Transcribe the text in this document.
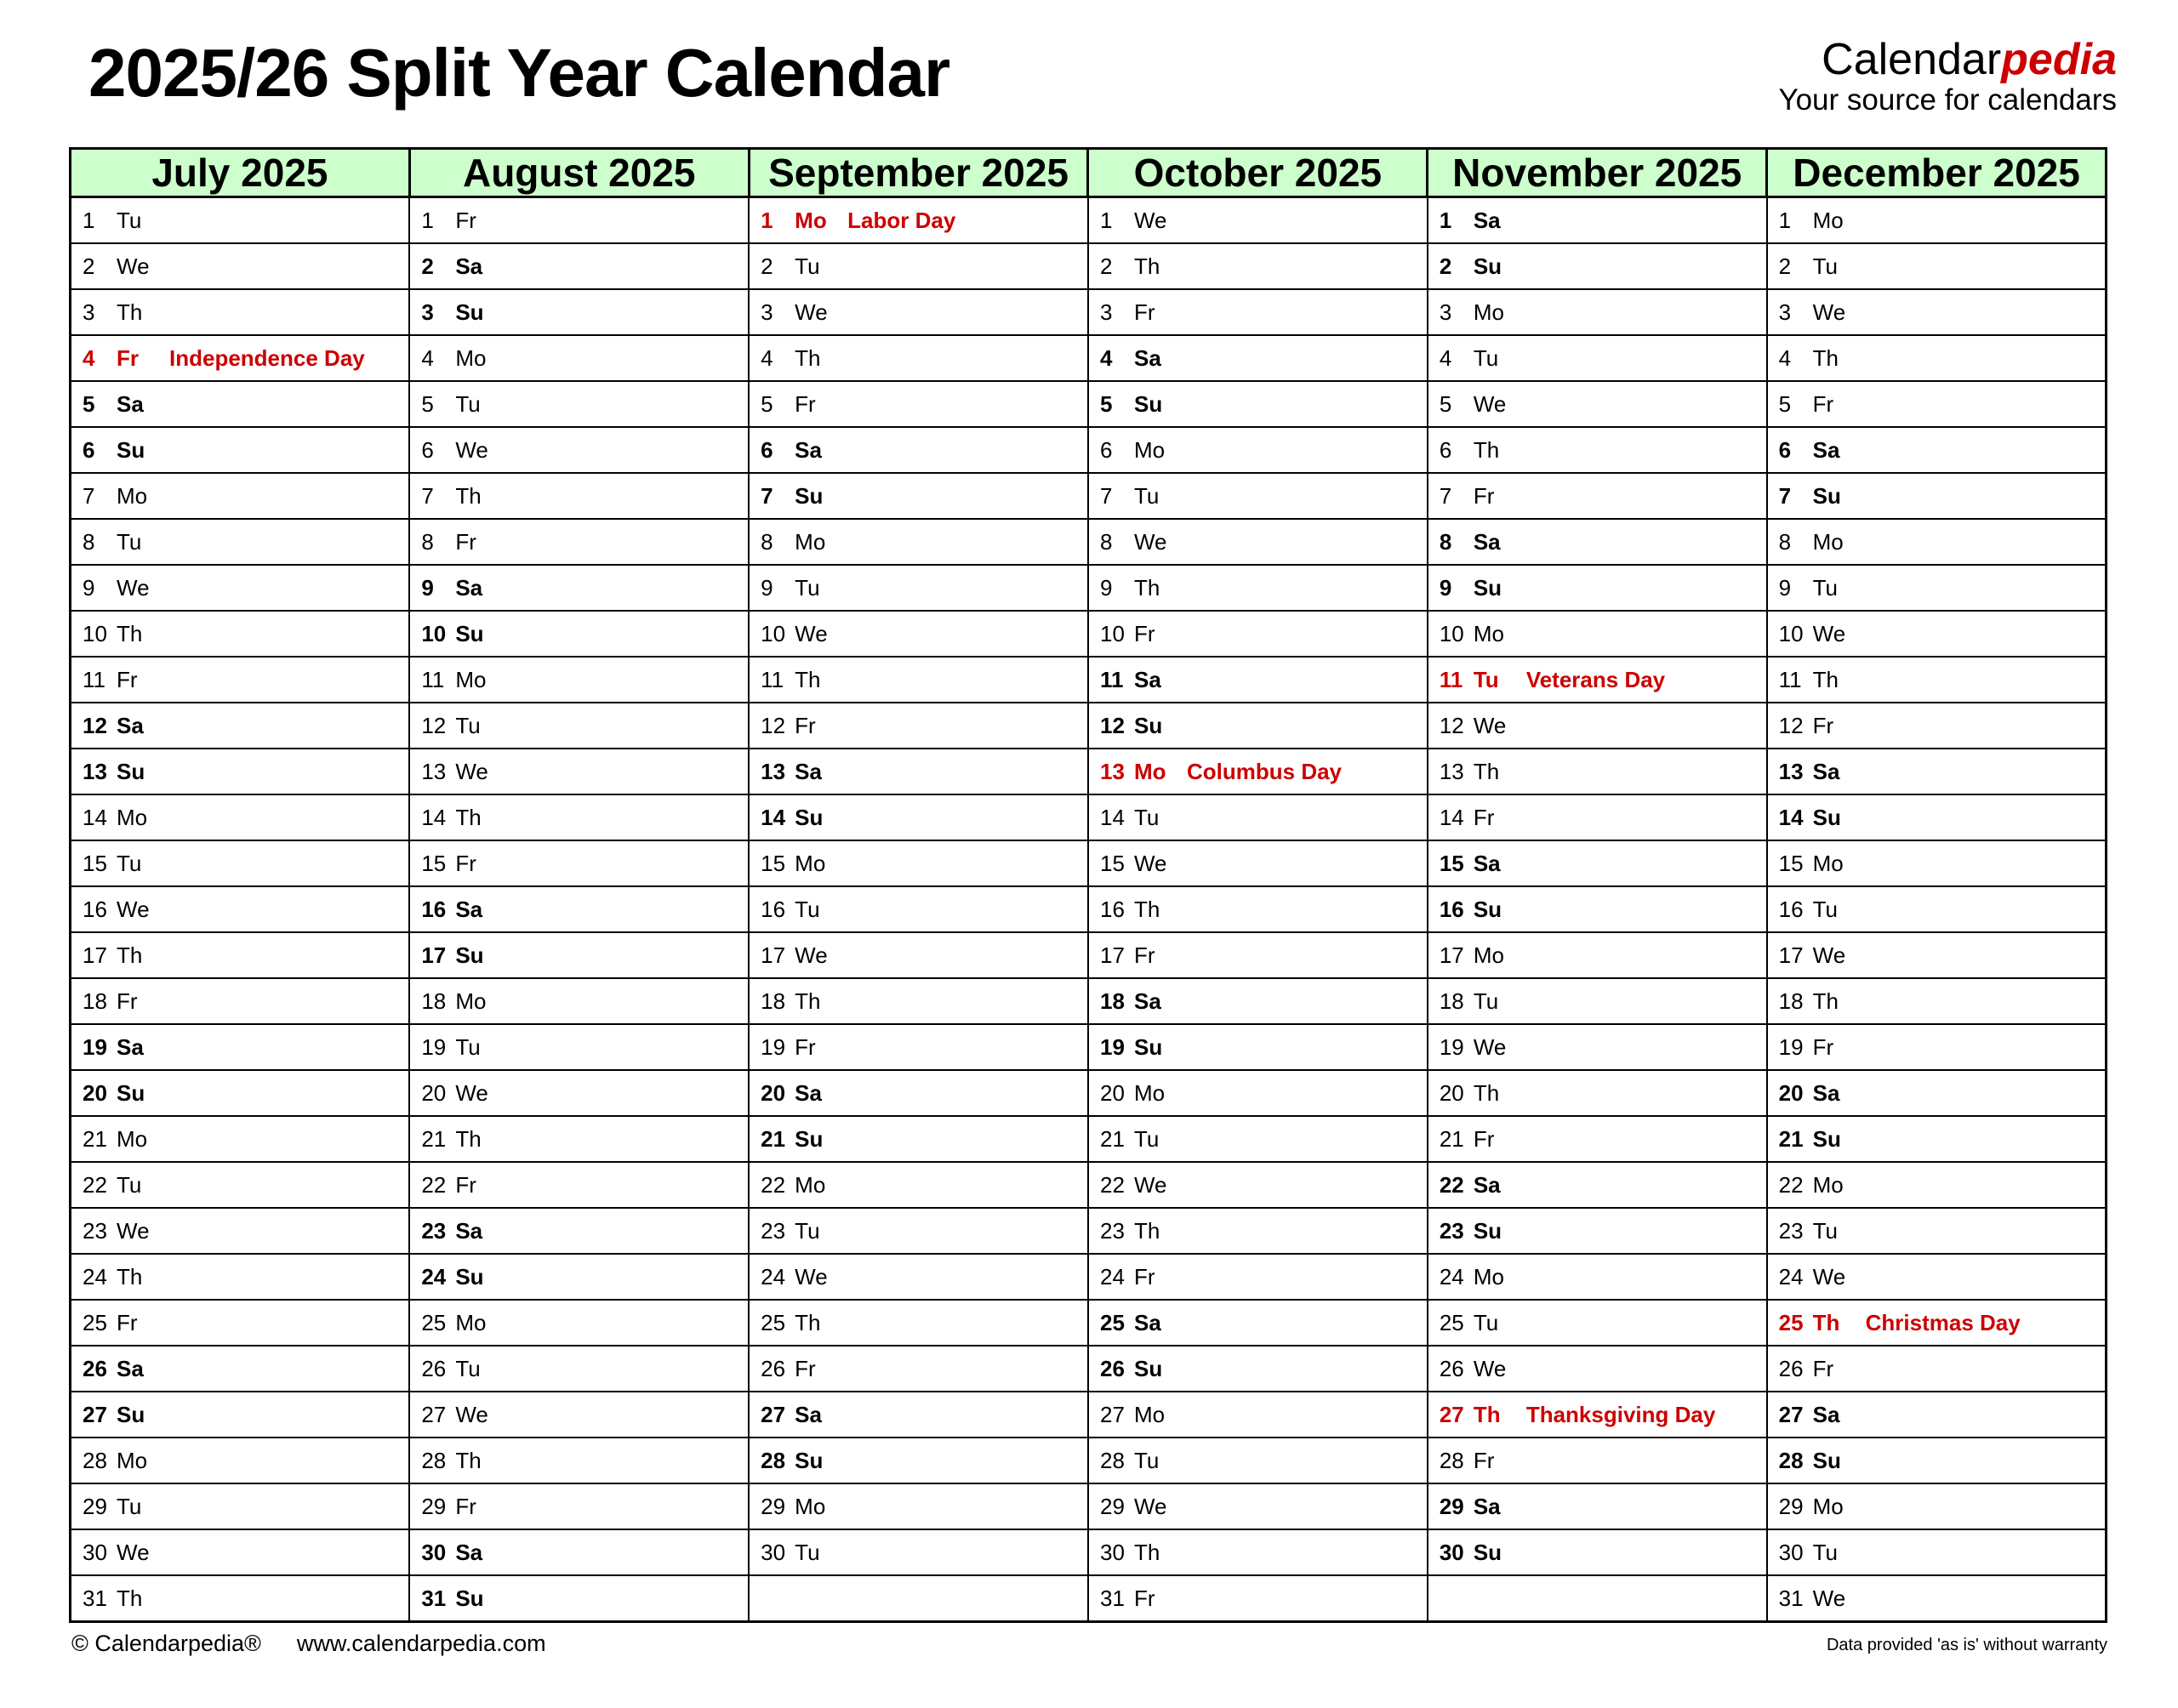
2025/26 Split Year Calendar	Calendarpedia
Your source for calendars
July 2025	August 2025	September 2025	October 2025	November 2025	December 2025

1 Tu	1 Fr	1 Mo Labor Day	1 We	1 Sa	1 Mo

2 We	2 Sa	2 Tu	2 Th	2 Su	2 Tu

3 Th	3 Su	3 We	3 Fr	3 Mo	3 We

4 Fr Independence Day	4 Mo	4 Th	4 Sa	4 Tu	4 Th

5 Sa	5 Tu	5 Fr	5 Su	5 We	5 Fr

6 Su	6 We	6 Sa	6 Mo	6 Th	6 Sa

7 Mo	7 Th	7 Su	7 Tu	7 Fr	7 Su

8 Tu	8 Fr	8 Mo	8 We	8 Sa	8 Mo

9 We	9 Sa	9 Tu	9 Th	9 Su	9 Tu

10 Th	10 Su	10 We	10 Fr	10 Mo	10 We

11 Fr	11 Mo	11 Th	11 Sa	11 Tu Veterans Day	11 Th

12 Sa	12 Tu	12 Fr	12 Su	12 We	12 Fr

13 Su	13 We	13 Sa	13 Mo Columbus Day	13 Th	13 Sa

14 Mo	14 Th	14 Su	14 Tu	14 Fr	14 Su

15 Tu	15 Fr	15 Mo	15 We	15 Sa	15 Mo

16 We	16 Sa	16 Tu	16 Th	16 Su	16 Tu

17 Th	17 Su	17 We	17 Fr	17 Mo	17 We

18 Fr	18 Mo	18 Th	18 Sa	18 Tu	18 Th

19 Sa	19 Tu	19 Fr	19 Su	19 We	19 Fr

20 Su	20 We	20 Sa	20 Mo	20 Th	20 Sa

21 Mo	21 Th	21 Su	21 Tu	21 Fr	21 Su

22 Tu	22 Fr	22 Mo	22 We	22 Sa	22 Mo

23 We	23 Sa	23 Tu	23 Th	23 Su	23 Tu

24 Th	24 Su	24 We	24 Fr	24 Mo	24 We

25 Fr	25 Mo	25 Th	25 Sa	25 Tu	25 Th Christmas Day

26 Sa	26 Tu	26 Fr	26 Su	26 We	26 Fr

27 Su	27 We	27 Sa	27 Mo	27 Th Thanksgiving Day	27 Sa

28 Mo	28 Th	28 Su	28 Tu	28 Fr	28 Su

29 Tu	29 Fr	29 Mo	29 We	29 Sa	29 Mo

30 We	30 Sa	30 Tu	30 Th	30 Su	30 Tu

31 Th	31 Su		31 Fr		31 We
© Calendarpedia® www.calendarpedia.com	Data provided 'as is' without warranty
